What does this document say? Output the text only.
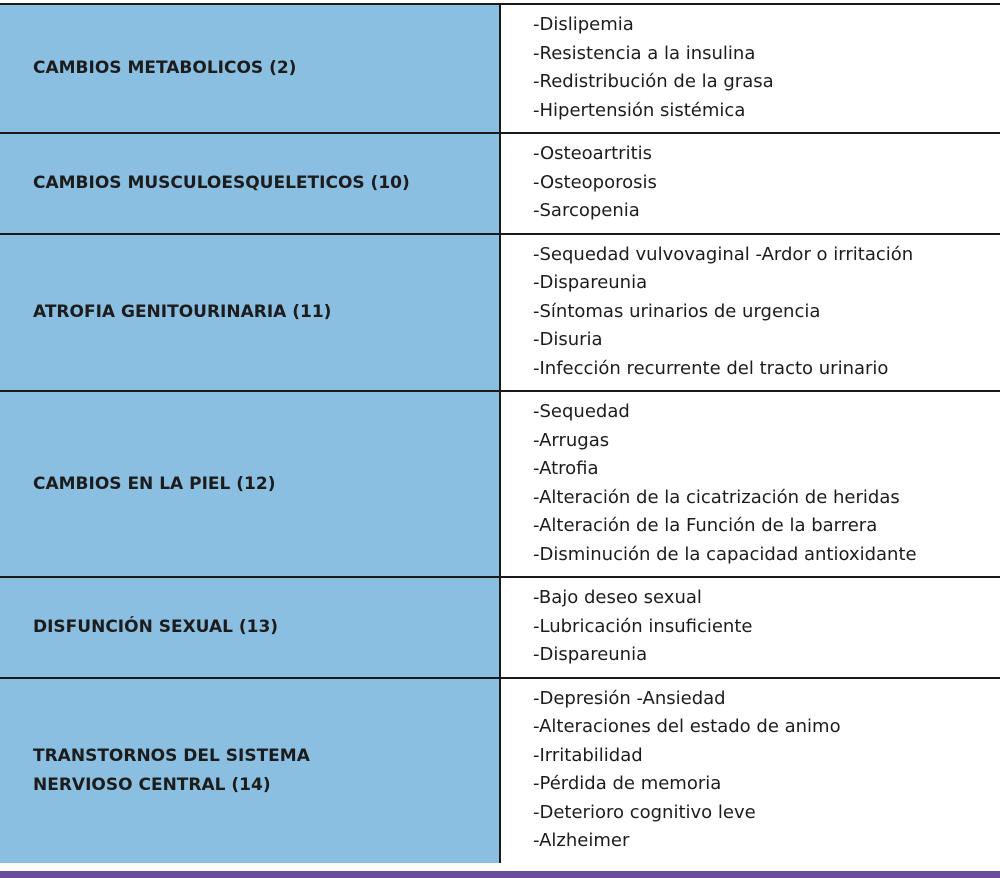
CAMBIOS METABOLICOS (2)
-Dislipemia
-Resistencia a la insulina
-Redistribución de la grasa
-Hipertensión sistémica
CAMBIOS MUSCULOESQUELETICOS (10)
-Osteoartritis
-Osteoporosis
-Sarcopenia
ATROFIA GENITOURINARIA (11)
-Sequedad vulvovaginal -Ardor o irritación
-Dispareunia
-Síntomas urinarios de urgencia
-Disuria
-Infección recurrente del tracto urinario
CAMBIOS EN LA PIEL (12)
-Sequedad
-Arrugas
-Atrofia
-Alteración de la cicatrización de heridas
-Alteración de la Función de la barrera
-Disminución de la capacidad antioxidante
DISFUNCIÓN SEXUAL (13)
-Bajo deseo sexual
-Lubricación insuficiente
-Dispareunia
TRANSTORNOS DEL SISTEMA
NERVIOSO CENTRAL (14)
-Depresión -Ansiedad
-Alteraciones del estado de animo
-Irritabilidad
-Pérdida de memoria
-Deterioro cognitivo leve
-Alzheimer
